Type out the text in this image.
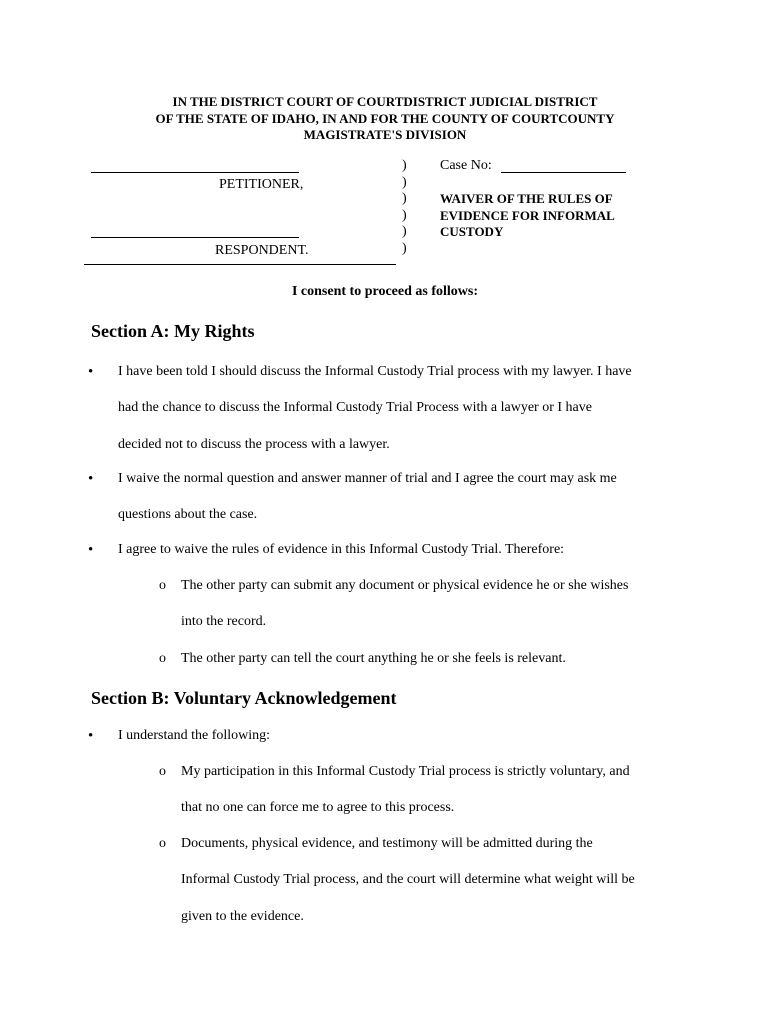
IN THE DISTRICT COURT OF COURTDISTRICT JUDICIAL DISTRICT
OF THE STATE OF IDAHO, IN AND FOR THE COUNTY OF COURTCOUNTY
MAGISTRATE'S DIVISION
PETITIONER,
RESPONDENT.
)
)
)
)
)
)
Case No:
WAIVER OF THE RULES OF
EVIDENCE FOR INFORMAL
CUSTODY
I consent to proceed as follows:
Section A: My Rights
• I have been told I should discuss the Informal Custody Trial process with my lawyer. I have
had the chance to discuss the Informal Custody Trial Process with a lawyer or I have
decided not to discuss the process with a lawyer.
• I waive the normal question and answer manner of trial and I agree the court may ask me
questions about the case.
• I agree to waive the rules of evidence in this Informal Custody Trial. Therefore:
o The other party can submit any document or physical evidence he or she wishes
into the record.
o The other party can tell the court anything he or she feels is relevant.
Section B: Voluntary Acknowledgement
• I understand the following:
o My participation in this Informal Custody Trial process is strictly voluntary, and
that no one can force me to agree to this process.
o Documents, physical evidence, and testimony will be admitted during the
Informal Custody Trial process, and the court will determine what weight will be
given to the evidence.
